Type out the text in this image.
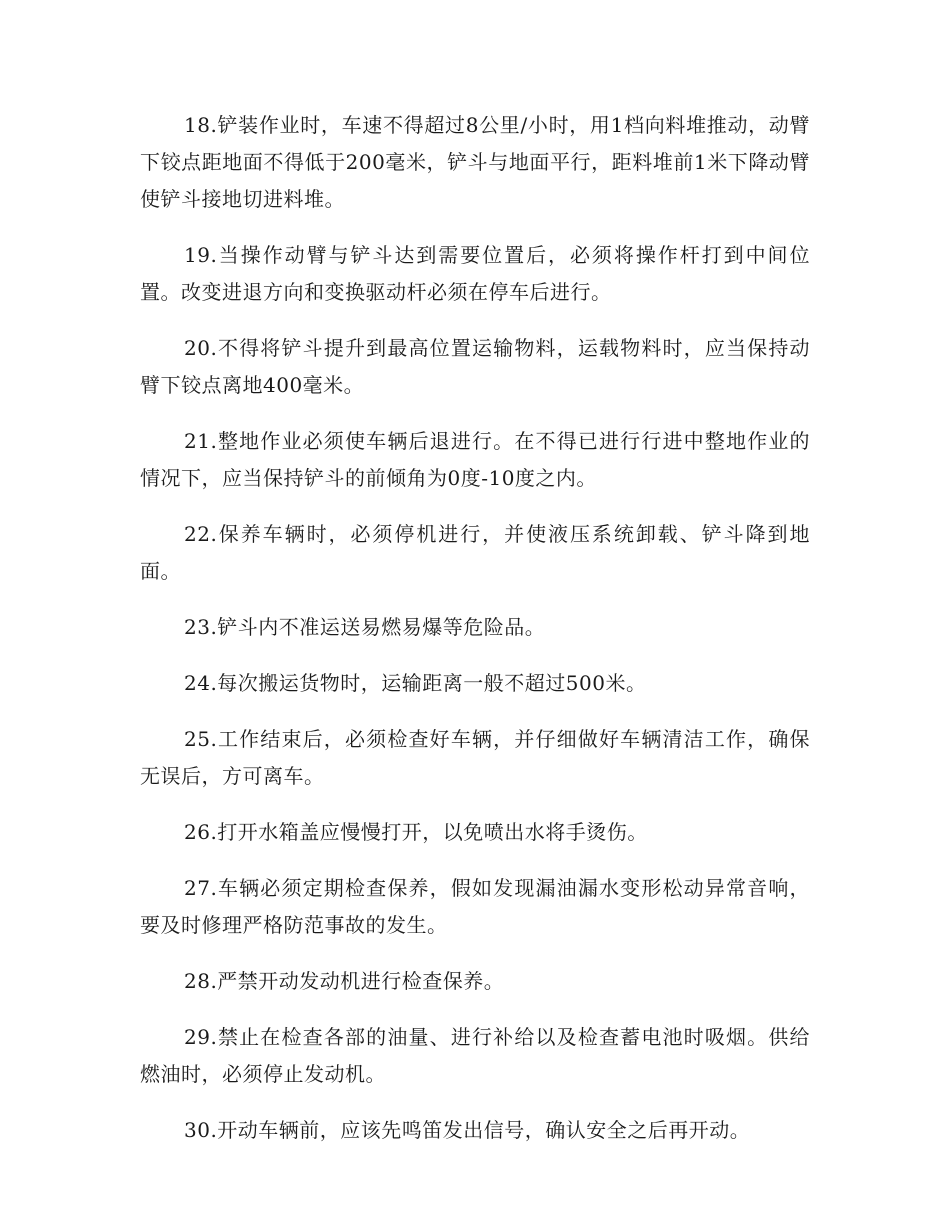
18.铲装作业时，车速不得超过8公里/小时，用1档向料堆推动，动臂下铰点距地面不得低于200毫米，铲斗与地面平行，距料堆前1米下降动臂使铲斗接地切进料堆。

19.当操作动臂与铲斗达到需要位置后，必须将操作杆打到中间位置。改变进退方向和变换驱动杆必须在停车后进行。

20.不得将铲斗提升到最高位置运输物料，运载物料时，应当保持动臂下铰点离地400毫米。

21.整地作业必须使车辆后退进行。在不得已进行行进中整地作业的情况下，应当保持铲斗的前倾角为0度-10度之内。

22.保养车辆时，必须停机进行，并使液压系统卸载、铲斗降到地面。

23.铲斗内不准运送易燃易爆等危险品。

24.每次搬运货物时，运输距离一般不超过500米。

25.工作结束后，必须检查好车辆，并仔细做好车辆清洁工作，确保无误后，方可离车。

26.打开水箱盖应慢慢打开，以免喷出水将手烫伤。

27.车辆必须定期检查保养，假如发现漏油漏水变形松动异常音响，要及时修理严格防范事故的发生。

28.严禁开动发动机进行检查保养。

29.禁止在检查各部的油量、进行补给以及检查蓄电池时吸烟。供给燃油时，必须停止发动机。

30.开动车辆前，应该先鸣笛发出信号，确认安全之后再开动。
